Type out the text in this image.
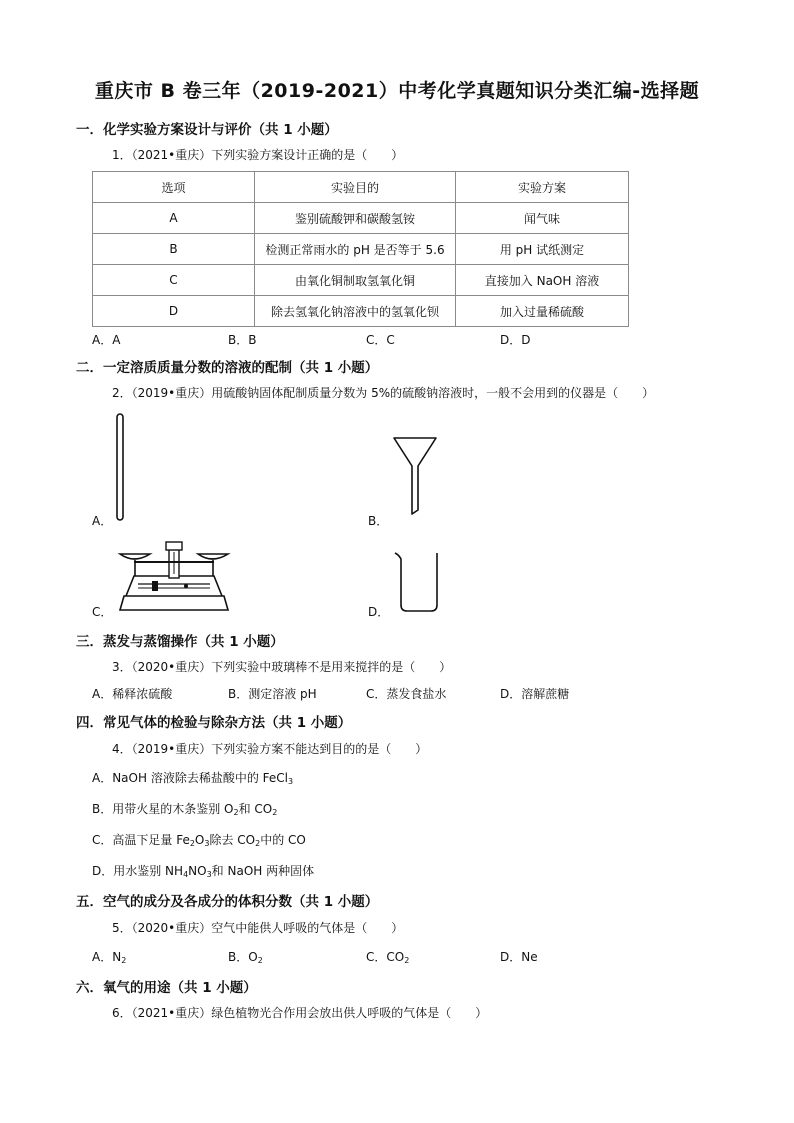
重庆市 B 卷三年（2019-2021）中考化学真题知识分类汇编-选择题
一．化学实验方案设计与评价（共 1 小题）
1．（2021•重庆）下列实验方案设计正确的是（　　）
选项	实验目的	实验方案
A	鉴别硫酸钾和碳酸氢铵	闻气味
B	检测正常雨水的 pH 是否等于 5.6	用 pH 试纸测定
C	由氧化铜制取氢氧化铜	直接加入 NaOH 溶液
D	除去氢氧化钠溶液中的氢氧化钡	加入过量稀硫酸
A．A	B．B	C．C	D．D
二．一定溶质质量分数的溶液的配制（共 1 小题）
2．（2019•重庆）用硫酸钠固体配制质量分数为 5%的硫酸钠溶液时，一般不会用到的仪器是（　　）
A．	B．
C．	D．
三．蒸发与蒸馏操作（共 1 小题）
3．（2020•重庆）下列实验中玻璃棒不是用来搅拌的是（　　）
A．稀释浓硫酸	B．测定溶液 pH	C．蒸发食盐水	D．溶解蔗糖
四．常见气体的检验与除杂方法（共 1 小题）
4．（2019•重庆）下列实验方案不能达到目的的是（　　）
A．NaOH 溶液除去稀盐酸中的 FeCl$_3$
B．用带火星的木条鉴别 $O_2$和 $CO_2$
C．高温下足量 $Fe_2O_3$除去 $CO_2$中的 CO
D．用水鉴别 $NH_4NO_3$和 NaOH 两种固体
五．空气的成分及各成分的体积分数（共 1 小题）
5．（2020•重庆）空气中能供人呼吸的气体是（　　）
A．$N_2$	B．$O_2$	C．$CO_2$	D．Ne
六．氧气的用途（共 1 小题）
6．（2021•重庆）绿色植物光合作用会放出供人呼吸的气体是（　　）
